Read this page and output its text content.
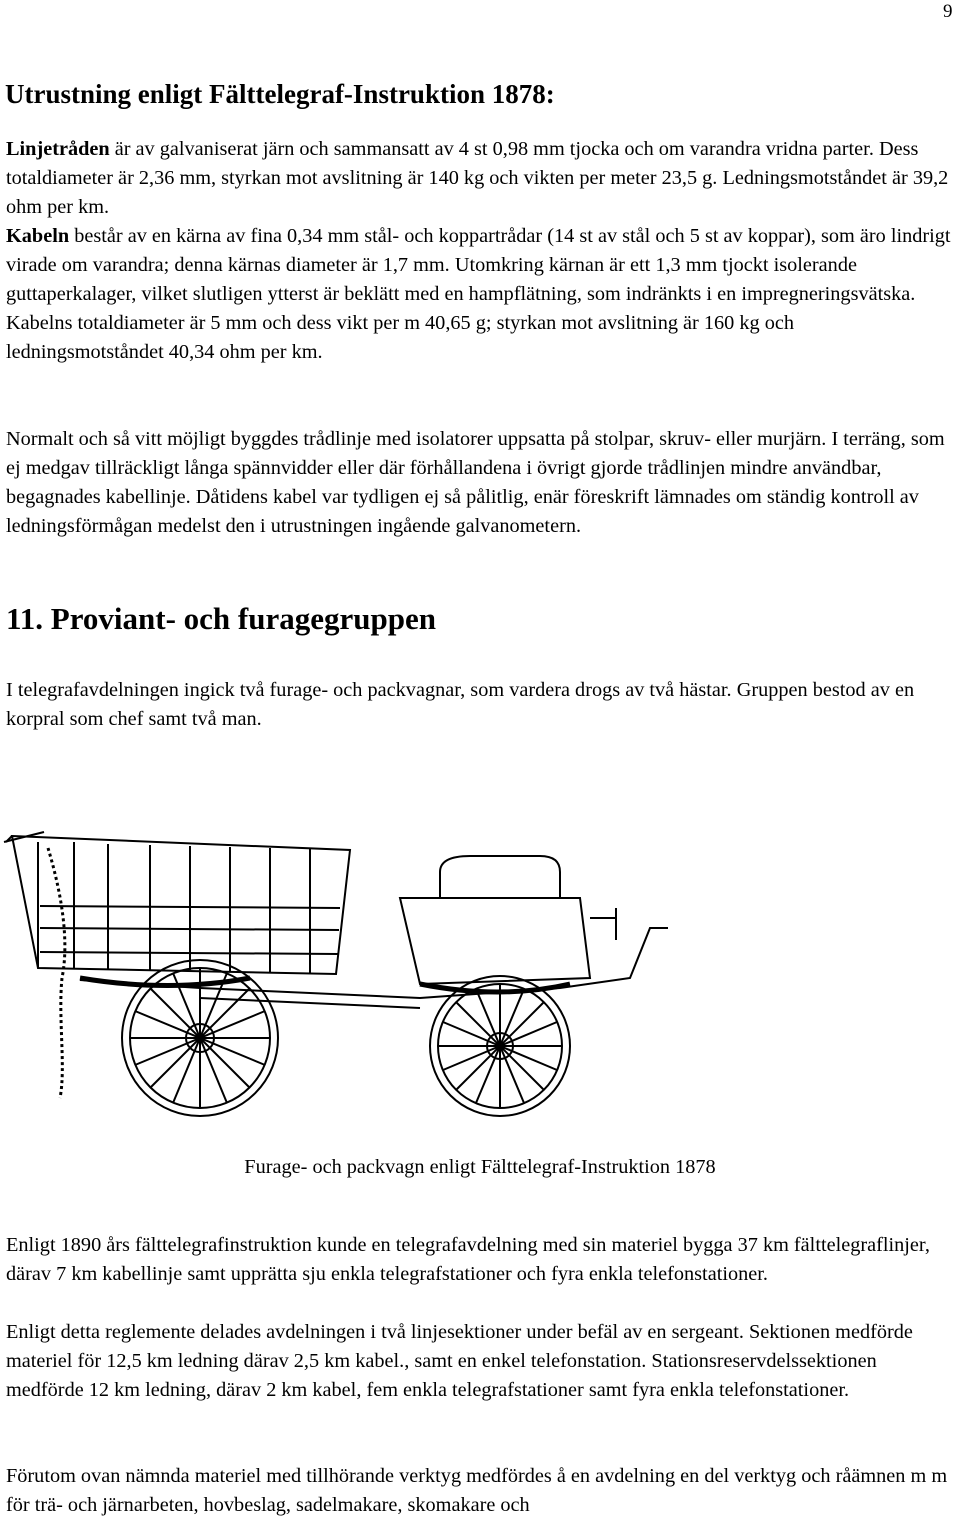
9
Utrustning enligt Fälttelegraf-Instruktion 1878:

Linjetråden är av galvaniserat järn och sammansatt av 4 st 0,98 mm tjocka och om varandra vridna parter. Dess totaldiameter är 2,36 mm, styrkan mot avslitning är 140 kg och vikten per meter 23,5 g. Ledningsmotståndet är 39,2 ohm per km.
Kabeln består av en kärna av fina 0,34 mm stål- och koppartrådar (14 st av stål och 5 st av koppar), som äro lindrigt virade om varandra; denna kärnas diameter är 1,7 mm. Utomkring kärnan är ett 1,3 mm tjockt isolerande guttaperkalager, vilket slutligen ytterst är beklätt med en hampflätning, som indränkts i en impregneringsvätska. Kabelns totaldiameter är 5 mm och dess vikt per m 40,65 g; styrkan mot avslitning är 160 kg och ledningsmotståndet 40,34 ohm per km.

Normalt och så vitt möjligt byggdes trådlinje med isolatorer uppsatta på stolpar, skruv- eller murjärn. I terräng, som ej medgav tillräckligt långa spännvidder eller där förhållandena i övrigt gjorde trådlinjen mindre användbar, begagnades kabellinje. Dåtidens kabel var tydligen ej så pålitlig, enär föreskrift lämnades om ständig kontroll av ledningsförmågan medelst den i utrustningen ingående galvanometern.

11. Proviant- och furagegruppen

I telegrafavdelningen ingick två furage- och packvagnar, som vardera drogs av två hästar. Gruppen bestod av en korpral som chef samt två man.

Furage- och packvagn enligt Fälttelegraf-Instruktion 1878

Enligt 1890 års fälttelegrafinstruktion kunde en telegrafavdelning med sin materiel bygga 37 km fälttelegraflinjer, därav 7 km kabellinje samt upprätta sju enkla telegrafstationer och fyra enkla telefonstationer.

Enligt detta reglemente delades avdelningen i två linjesektioner under befäl av en sergeant. Sektionen medförde materiel för 12,5 km ledning därav 2,5 km kabel., samt en enkel telefonstation. Stationsreservdelssektionen medförde 12 km ledning, därav 2 km kabel, fem enkla telegrafstationer samt fyra enkla telefonstationer.

Förutom ovan nämnda materiel med tillhörande verktyg medfördes å en avdelning en del verktyg och råämnen m m för trä- och järnarbeten, hovbeslag, sadelmakare, skomakare och
